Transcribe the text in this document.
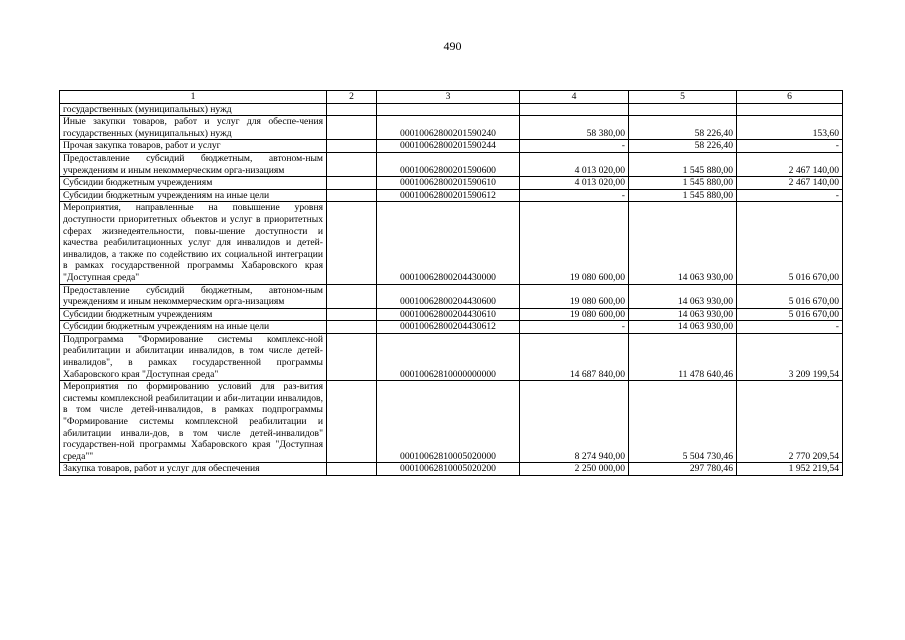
490
1	2	3	4	5	6
государственных (муниципальных) нужд					
Иные закупки товаров, работ и услуг для обеспе-чения государственных (муниципальных) нужд		00010062800201590240	58 380,00	58 226,40	153,60
Прочая закупка товаров, работ и услуг		00010062800201590244	-	58 226,40	-
Предоставление субсидий бюджетным, автоном-ным учреждениям и иным некоммерческим орга-низациям		00010062800201590600	4 013 020,00	1 545 880,00	2 467 140,00
Субсидии бюджетным учреждениям		00010062800201590610	4 013 020,00	1 545 880,00	2 467 140,00
Субсидии бюджетным учреждениям на иные цели		00010062800201590612	-	1 545 880,00	-
Мероприятия, направленные на повышение уровня доступности приоритетных объектов и услуг в приоритетных сферах жизнедеятельности, повы-шение доступности и качества реабилитационных услуг для инвалидов и детей-инвалидов, а также по содействию их социальной интеграции в рамках государственной программы Хабаровского края "Доступная среда"		00010062800204430000	19 080 600,00	14 063 930,00	5 016 670,00
Предоставление субсидий бюджетным, автоном-ным учреждениям и иным некоммерческим орга-низациям		00010062800204430600	19 080 600,00	14 063 930,00	5 016 670,00
Субсидии бюджетным учреждениям		00010062800204430610	19 080 600,00	14 063 930,00	5 016 670,00
Субсидии бюджетным учреждениям на иные цели		00010062800204430612	-	14 063 930,00	-
Подпрограмма "Формирование системы комплекс-ной реабилитации и абилитации инвалидов, в том числе детей-инвалидов", в рамках государственной программы Хабаровского края "Доступная среда"		00010062810000000000	14 687 840,00	11 478 640,46	3 209 199,54
Мероприятия по формированию условий для раз-вития системы комплексной реабилитации и аби-литации инвалидов, в том числе детей-инвалидов, в рамках подпрограммы "Формирование системы комплексной реабилитации и абилитации инвали-дов, в том числе детей-инвалидов" государствен-ной программы Хабаровского края "Доступная среда""		00010062810005020000	8 274 940,00	5 504 730,46	2 770 209,54
Закупка товаров, работ и услуг для обеспечения		00010062810005020200	2 250 000,00	297 780,46	1 952 219,54
